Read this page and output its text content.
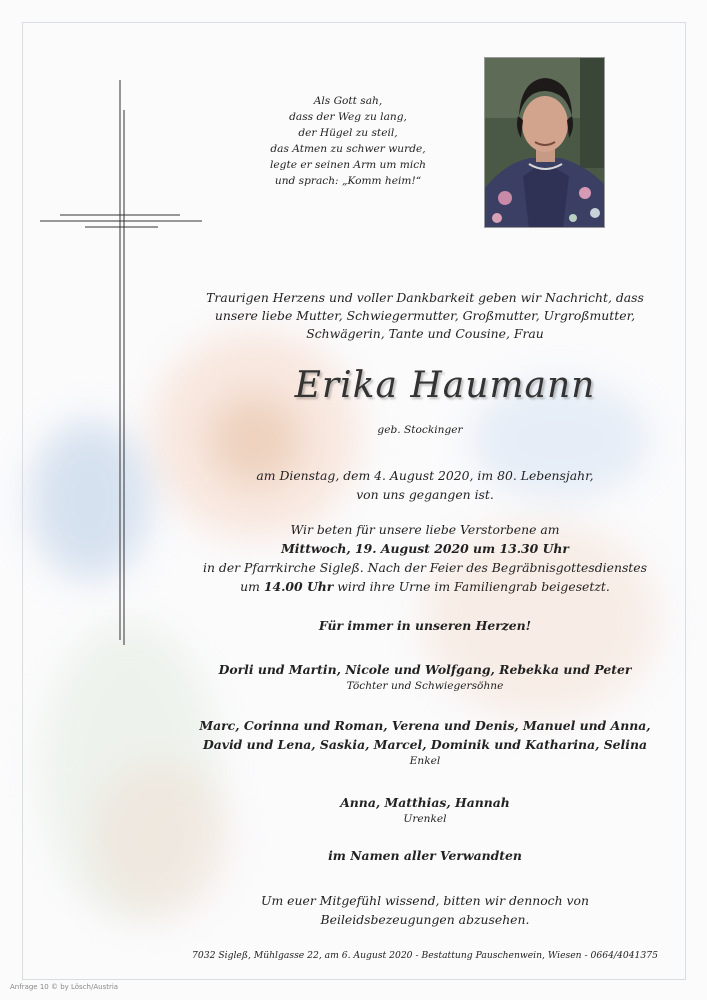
Als Gott sah,
dass der Weg zu lang,
der Hügel zu steil,
das Atmen zu schwer wurde,
legte er seinen Arm um mich
und sprach: „Komm heim!“
Traurigen Herzens und voller Dankbarkeit geben wir Nachricht, dass
unsere liebe Mutter, Schwiegermutter, Großmutter, Urgroßmutter,
Schwägerin, Tante und Cousine, Frau
Erika Haumann
geb. Stockinger
am Dienstag, dem 4. August 2020, im 80. Lebensjahr,
von uns gegangen ist.
Wir beten für unsere liebe Verstorbene am
Mittwoch, 19. August 2020 um 13.30 Uhr
in der Pfarrkirche Sigleß. Nach der Feier des Begräbnisgottesdienstes
um 14.00 Uhr wird ihre Urne im Familiengrab beigesetzt.
Für immer in unseren Herzen!
Dorli und Martin, Nicole und Wolfgang, Rebekka und Peter
Töchter und Schwiegersöhne
Marc, Corinna und Roman, Verena und Denis, Manuel und Anna,
David und Lena, Saskia, Marcel, Dominik und Katharina, Selina
Enkel
Anna, Matthias, Hannah
Urenkel
im Namen aller Verwandten
Um euer Mitgefühl wissend, bitten wir dennoch von
Beileidsbezeugungen abzusehen.
7032 Sigleß, Mühlgasse 22, am 6. August 2020 - Bestattung Pauschenwein, Wiesen - 0664/4041375
Anfrage 10 © by Lösch/Austria
